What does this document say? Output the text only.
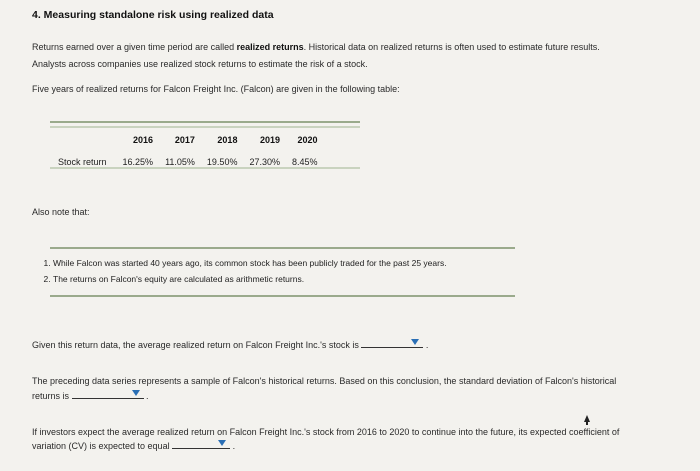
4. Measuring standalone risk using realized data
Returns earned over a given time period are called realized returns. Historical data on realized returns is often used to estimate future results.
Analysts across companies use realized stock returns to estimate the risk of a stock.
Five years of realized returns for Falcon Freight Inc. (Falcon) are given in the following table:
	2016	2017	2018	2019	2020
Stock return	16.25%	11.05%	19.50%	27.30%	8.45%
Also note that:
1. While Falcon was started 40 years ago, its common stock has been publicly traded for the past 25 years.
2. The returns on Falcon's equity are calculated as arithmetic returns.
Given this return data, the average realized return on Falcon Freight Inc.'s stock is	.
The preceding data series represents a sample of Falcon's historical returns. Based on this conclusion, the standard deviation of Falcon's historical
returns is	.
If investors expect the average realized return on Falcon Freight Inc.'s stock from 2016 to 2020 to continue into the future, its expected coefficient of
variation (CV) is expected to equal	.
